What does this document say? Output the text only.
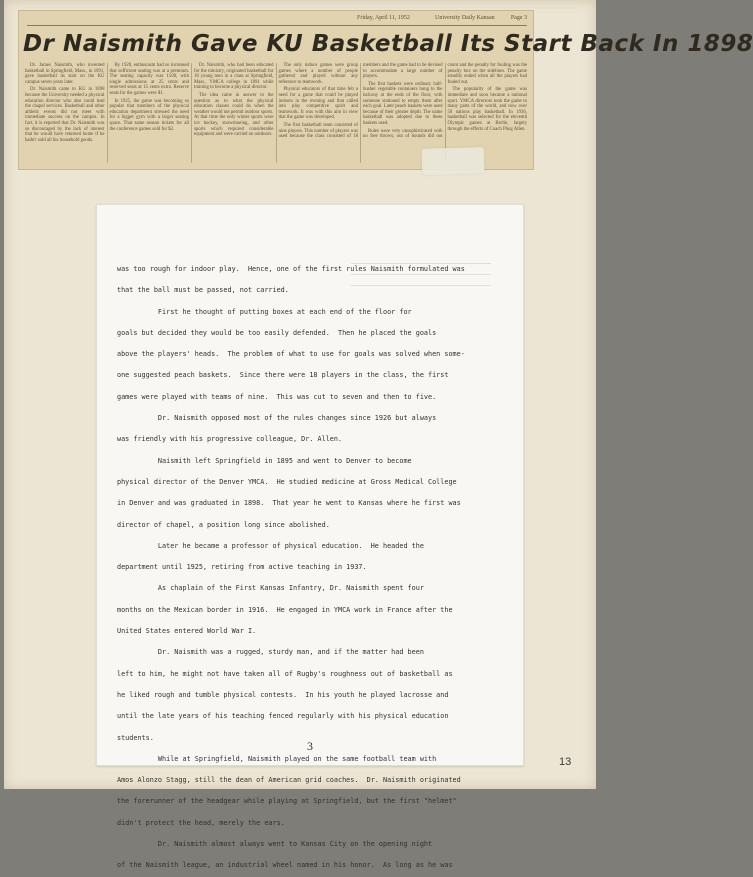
Friday, April 11, 1952	University Daily Kansan	Page 3
Dr Naismith Gave KU Basketball Its Start Back In 1898

Dr. James Naismith, who invented basketball in Springfield, Mass., in 1891, gave basketball its start on the KU campus seven years later.

Dr. Naismith came to KU in 1898 because the University needed a physical education director who also could lead the chapel services. Basketball and other athletic events did not meet with immediate success on the campus. In fact, it is reported that Dr. Naismith was so discouraged by the lack of interest that he would have returned home if he hadn't sold all his household goods.

By 1920, enthusiasm had so increased that sufficient seating was at a premium. The seating capacity was 1500, with single admissions at 25 cents and reserved seats at 15 cents extra. Reserve seats for the games were $1.

In 1925, the game was becoming so popular that members of the physical education department stressed the need for a bigger gym with a larger seating space. That same season tickets for all the conference games sold for $2.

Dr. Naismith, who had been educated for the ministry, originated basketball for 18 young men in a class at Springfield, Mass., YMCA college in 1891 while training to become a physical director.

The idea came in answer to the question as to what the physical education classes could do when the weather would not permit outdoor sports. At that time the only winter sports were ice hockey, snowshoeing, and other sports which required considerable equipment and were carried on outdoors.

The only indoor games were group games where a number of people gathered and played without any reference to teamwork.

Physical educators of that time felt a need for a game that could be played indoors in the evening and that called into play competitive spirit and teamwork. It was with this aim in view that the game was developed.

The first basketball team consisted of nine players. This number of players was used because the class consisted of 18 members and the game had to be devised to accommodate a large number of players.

The first baskets were ordinary half-bushel vegetable containers hung to the balcony at the ends of the floor, with someone stationed to empty them after each goal. Later peach baskets were used because of their greater depth. The name basketball was adopted due to these baskets used.

Rules were very unsophisticated with no free throws, out of bounds did not count and the penalty for fouling was the penalty box on the sidelines. The game steadily ended when all the players had fouled out.

The popularity of the game was immediate and soon became a national sport. YMCA directors took the game to many parts of the world, and now over 50 nations play basketball. In 1936, basketball was selected for the eleventh Olympic games at Berlin, largely through the efforts of Coach Phog Allen.

was too rough for indoor play.  Hence, one of the first rules Naismith formulated was
that the ball must be passed, not carried.
First he thought of putting boxes at each end of the floor for
goals but decided they would be too easily defended.  Then he placed the goals
above the players' heads.  The problem of what to use for goals was solved when some-
one suggested peach baskets.  Since there were 18 players in the class, the first
games were played with teams of nine.  This was cut to seven and then to five.
Dr. Naismith opposed most of the rules changes since 1926 but always
was friendly with his progressive colleague, Dr. Allen.
Naismith left Springfield in 1895 and went to Denver to become
physical director of the Denver YMCA.  He studied medicine at Gross Medical College
in Denver and was graduated in 1898.  That year he went to Kansas where he first was
director of chapel, a position long since abolished.
Later he became a professor of physical education.  He headed the
department until 1925, retiring from active teaching in 1937.
As chaplain of the First Kansas Infantry, Dr. Naismith spent four
months on the Mexican border in 1916.  He engaged in YMCA work in France after the
United States entered World War I.
Dr. Naismith was a rugged, sturdy man, and if the matter had been
left to him, he might not have taken all of Rugby's roughness out of basketball as
he liked rough and tumble physical contests.  In his youth he played lacrosse and
until the late years of his teaching fenced regularly with his physical education
students.
While at Springfield, Naismith played on the same football team with
Amos Alonzo Stagg, still the dean of American grid coaches.  Dr. Naismith originated
the forerunner of the headgear while playing at Springfield, but the first "helmet"
didn't protect the head, merely the ears.
Dr. Naismith almost always went to Kansas City on the opening night
of the Naismith league, an industrial wheel named in his honor.  As long as he was
3
13
